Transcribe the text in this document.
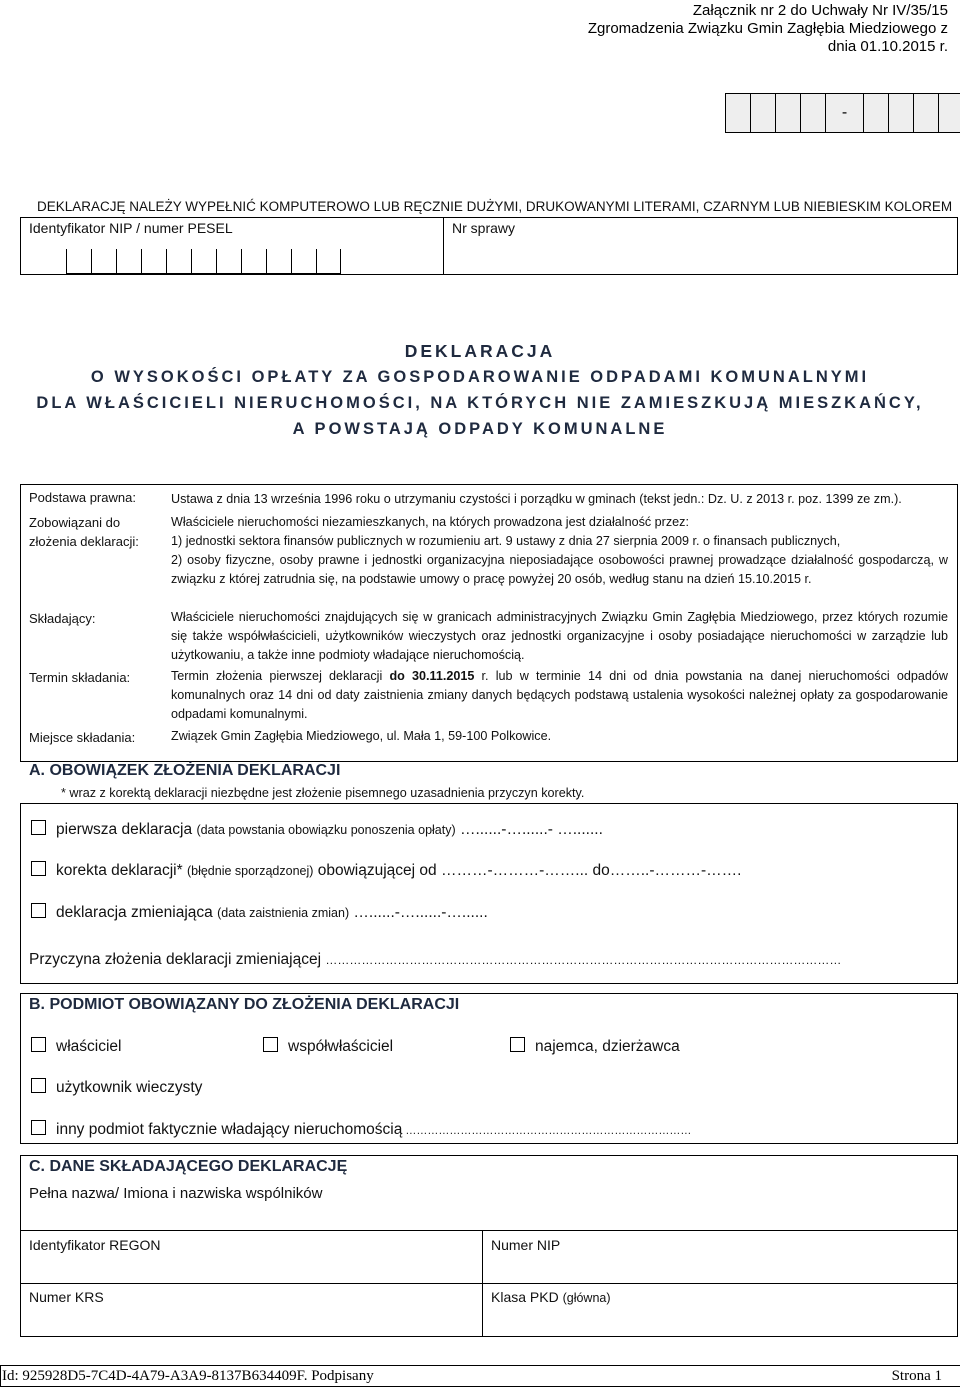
Załącznik nr 2 do Uchwały Nr IV/35/15
Zgromadzenia Związku Gmin Zagłębia Miedziowego z
dnia 01.10.2015 r.
-
DEKLARACJĘ NALEŻY WYPEŁNIĆ KOMPUTEROWO LUB RĘCZNIE DUŻYMI, DRUKOWANYMI LITERAMI, CZARNYM LUB NIEBIESKIM KOLOREM
Identyfikator NIP / numer PESEL	Nr sprawy
DEKLARACJA
O WYSOKOŚCI OPŁATY ZA GOSPODAROWANIE ODPADAMI KOMUNALNYMI
DLA WŁAŚCICIELI NIERUCHOMOŚCI, NA KTÓRYCH NIE ZAMIESZKUJĄ MIESZKAŃCY,
A POWSTAJĄ ODPADY KOMUNALNE
Podstawa prawna:	Ustawa z dnia 13 września 1996 roku o utrzymaniu czystości i porządku w gminach (tekst jedn.: Dz. U. z 2013 r. poz. 1399 ze zm.).
Zobowiązani do
złożenia deklaracji:
Właściciele nieruchomości niezamieszkanych, na których prowadzona jest działalność przez:
1) jednostki sektora finansów publicznych w rozumieniu art. 9 ustawy z dnia 27 sierpnia 2009 r. o finansach publicznych,
2) osoby fizyczne, osoby prawne i jednostki organizacyjna nieposiadające osobowości prawnej prowadzące działalność gospodarczą, w związku z której zatrudnia się, na podstawie umowy o pracę powyżej 20 osób, według stanu na dzień 15.10.2015 r.
Składający:	Właściciele nieruchomości znajdujących się w granicach administracyjnych Związku Gmin Zagłębia Miedziowego, przez których rozumie się także współwłaścicieli, użytkowników wieczystych oraz jednostki organizacyjne i osoby posiadające nieruchomości w zarządzie lub użytkowaniu, a także inne podmioty władające nieruchomością.
Termin składania:	Termin złożenia pierwszej deklaracji do 30.11.2015 r. lub w terminie 14 dni od dnia powstania na danej nieruchomości odpadów komunalnych oraz 14 dni od daty zaistnienia zmiany danych będących podstawą ustalenia wysokości należnej opłaty za gospodarowanie odpadami komunalnymi.
Miejsce składania:	Związek Gmin Zagłębia Miedziowego, ul. Mała 1, 59-100 Polkowice.
A. OBOWIĄZEK ZŁOŻENIA DEKLARACJI
* wraz z korektą deklaracji niezbędne jest złożenie pisemnego uzasadnienia przyczyn korekty.
pierwsza deklaracja (data powstania obowiązku ponoszenia opłaty) …......-…......- ….......
korekta deklaracji* (błędnie sporządzonej) obowiązującej od ………-………-……... do……..-………-…….
deklaracja zmieniająca (data zaistnienia zmian) …......-…......-…......
Przyczyna złożenia deklaracji zmieniającej …………………………………………………………………………………………………………………
B. PODMIOT OBOWIĄZANY DO ZŁOŻENIA DEKLARACJI
właściciel	współwłaściciel	najemca, dzierżawca
użytkownik wieczysty
inny podmiot faktycznie władający nieruchomością ……………………………………………………………………
C. DANE SKŁADAJĄCEGO DEKLARACJĘ
Pełna nazwa/ Imiona i nazwiska wspólników
Identyfikator REGON	Numer NIP
Numer KRS	Klasa PKD (główna)
Id: 925928D5-7C4D-4A79-A3A9-8137B634409F. Podpisany	Strona 1
